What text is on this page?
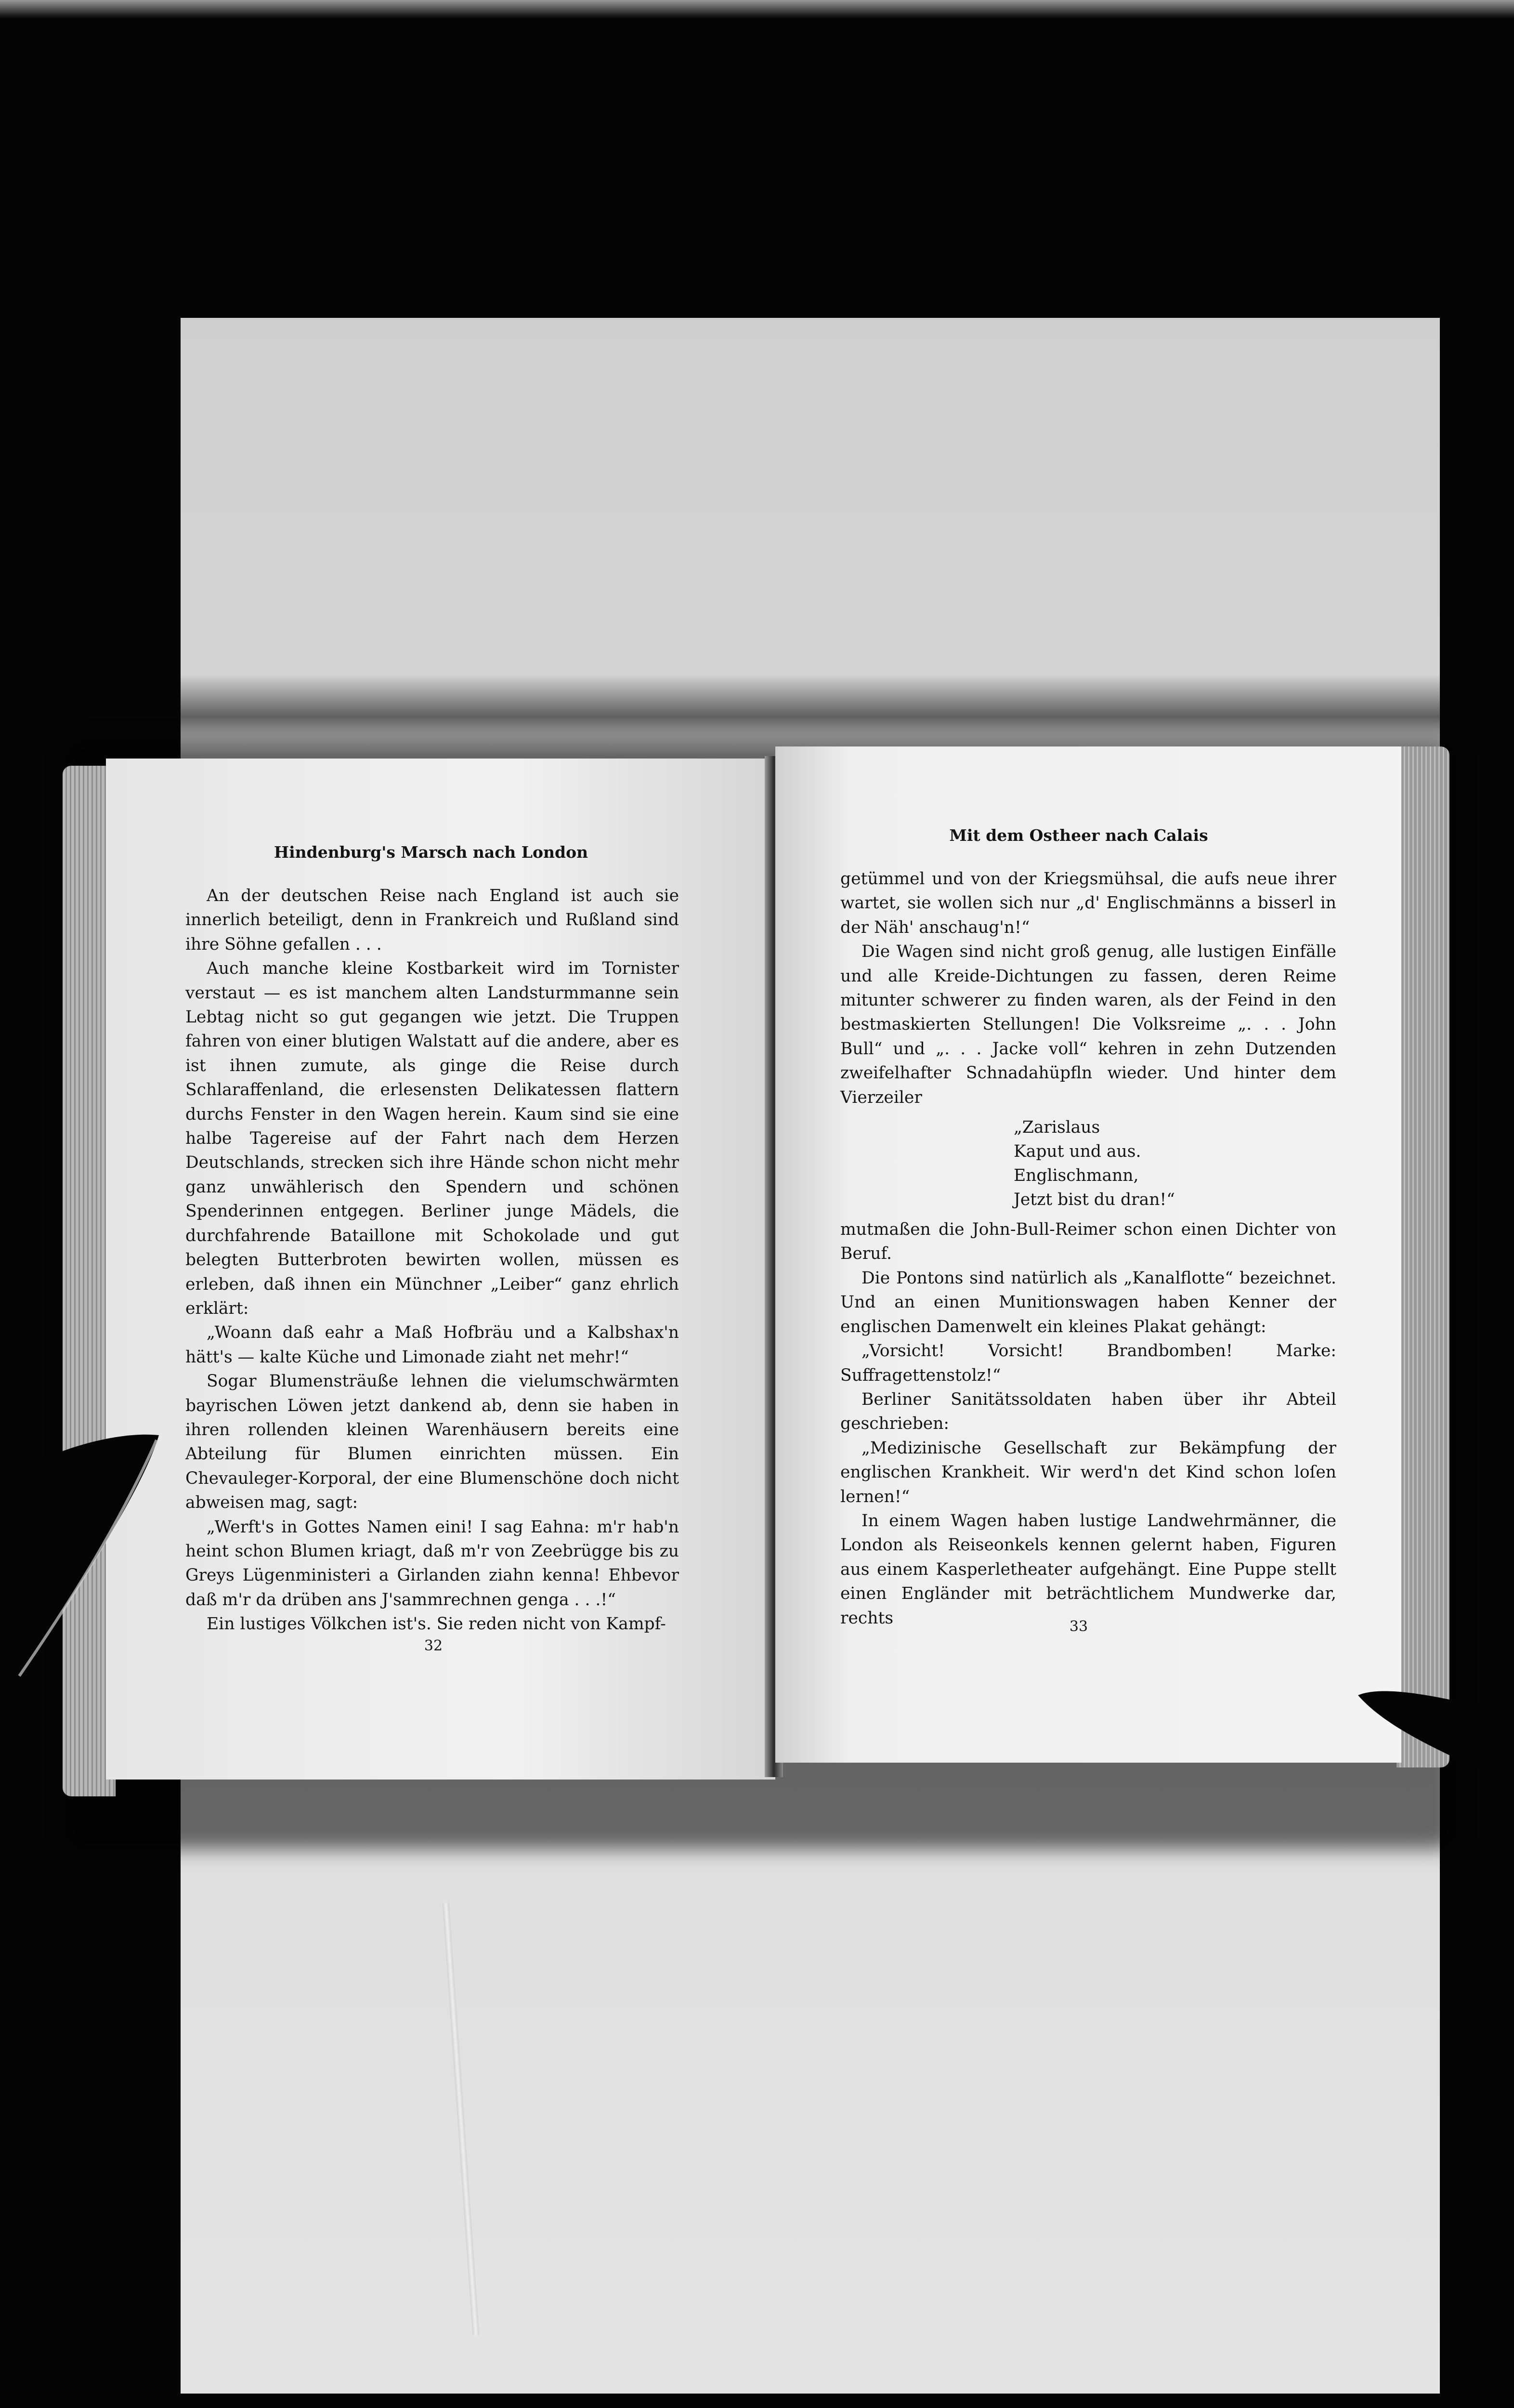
Hindenburg's Marsch nach London

An der deutschen Reise nach England ist auch sie innerlich beteiligt, denn in Frankreich und Rußland sind ihre Söhne gefallen . . .

Auch manche kleine Kostbarkeit wird im Tornister verstaut — es ist manchem alten Landsturmmanne sein Lebtag nicht so gut gegangen wie jetzt. Die Truppen fahren von einer blutigen Walstatt auf die andere, aber es ist ihnen zumute, als ginge die Reise durch Schlaraffenland, die erlesensten Delikatessen flattern durchs Fenster in den Wagen herein. Kaum sind sie eine halbe Tagereise auf der Fahrt nach dem Herzen Deutschlands, strecken sich ihre Hände schon nicht mehr ganz unwählerisch den Spendern und schönen Spenderinnen entgegen. Berliner junge Mädels, die durchfahrende Bataillone mit Schokolade und gut belegten Butterbroten bewirten wollen, müssen es erleben, daß ihnen ein Münchner „Leiber“ ganz ehrlich erklärt:

„Woann daß eahr a Maß Hofbräu und a Kalbshax'n hätt's — kalte Küche und Limonade ziaht net mehr!“

Sogar Blumensträuße lehnen die vielumschwärmten bayrischen Löwen jetzt dankend ab, denn sie haben in ihren rollenden kleinen Warenhäusern bereits eine Abteilung für Blumen einrichten müssen. Ein Chevauleger-Korporal, der eine Blumenschöne doch nicht abweisen mag, sagt:

„Werft's in Gottes Namen eini! I sag Eahna: m'r hab'n heint schon Blumen kriagt, daß m'r von Zeebrügge bis zu Greys Lügenministeri a Girlanden ziahn kenna! Ehbevor daß m'r da drüben ans J'sammrechnen genga . . .!“

Ein lustiges Völkchen ist's. Sie reden nicht von Kampf-

32
Mit dem Ostheer nach Calais

getümmel und von der Kriegsmühsal, die aufs neue ihrer wartet, sie wollen sich nur „d' Englischmänns a bisserl in der Näh' anschaug'n!“

Die Wagen sind nicht groß genug, alle lustigen Einfälle und alle Kreide-Dichtungen zu fassen, deren Reime mitunter schwerer zu finden waren, als der Feind in den bestmaskierten Stellungen! Die Volksreime „. . . John Bull“ und „. . . Jacke voll“ kehren in zehn Dutzenden zweifelhafter Schnadahüpfln wieder. Und hinter dem Vierzeiler

„Zarislaus
Kaput und aus.
Englischmann,
Jetzt bist du dran!“

mutmaßen die John-Bull-Reimer schon einen Dichter von Beruf.

Die Pontons sind natürlich als „Kanalflotte“ bezeichnet. Und an einen Munitionswagen haben Kenner der englischen Damenwelt ein kleines Plakat gehängt:

„Vorsicht! Vorsicht! Brandbomben! Marke: Suffragettenstolz!“

Berliner Sanitätssoldaten haben über ihr Abteil geschrieben:

„Medizinische Gesellschaft zur Bekämpfung der englischen Krankheit. Wir werd'n det Kind schon loſen lernen!“

In einem Wagen haben lustige Landwehrmänner, die London als Reiseonkels kennen gelernt haben, Figuren aus einem Kasperletheater aufgehängt. Eine Puppe stellt einen Engländer mit beträchtlichem Mundwerke dar, rechts	33
